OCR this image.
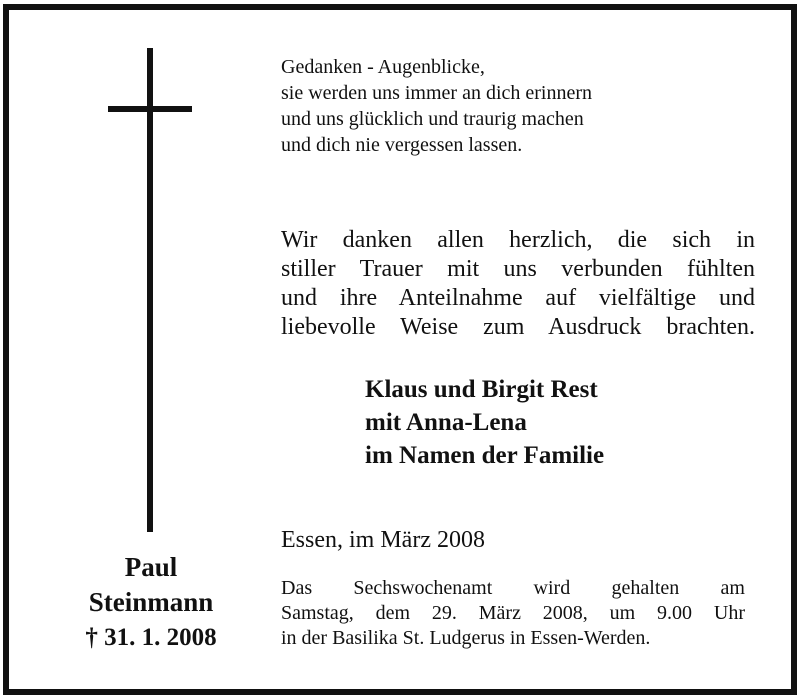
Gedanken - Augenblicke,
sie werden uns immer an dich erinnern
und uns glücklich und traurig machen
und dich nie vergessen lassen.
Wir danken allen herzlich, die sich in
stiller Trauer mit uns verbunden fühlten
und ihre Anteilnahme auf vielfältige und
liebevolle Weise zum Ausdruck brachten.
Klaus und Birgit Rest
mit Anna-Lena
im Namen der Familie
Essen, im März 2008
Das Sechswochenamt wird gehalten am
Samstag, dem 29. März 2008, um 9.00 Uhr
in der Basilika St. Ludgerus in Essen-Werden.
Paul
Steinmann
† 31. 1. 2008
